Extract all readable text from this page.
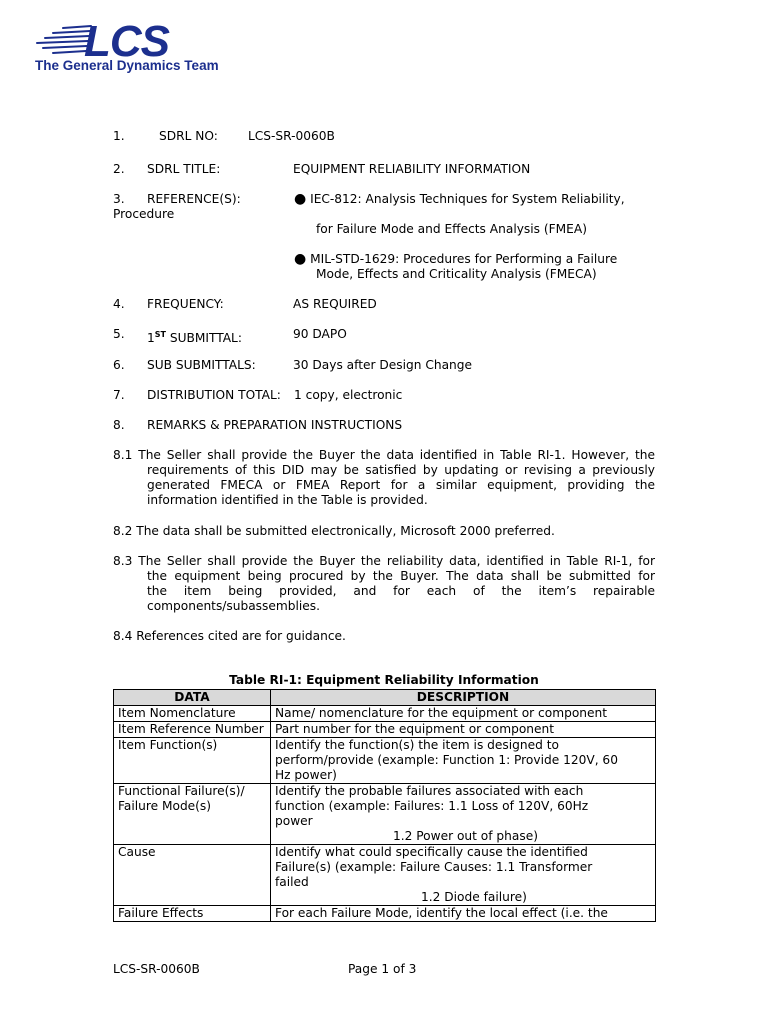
LCS
The General Dynamics Team
1.	SDRL NO: LCS-SR-0060B
2. SDRL TITLE:	EQUIPMENT RELIABILITY INFORMATION
3. REFERENCE(S):
Procedure
● IEC-812: Analysis Techniques for System Reliability,
for Failure Mode and Effects Analysis (FMEA)
● MIL-STD-1629: Procedures for Performing a Failure
Mode, Effects and Criticality Analysis (FMECA)
4. FREQUENCY:	AS REQUIRED
5. 1ST SUBMITTAL:	90 DAPO
6. SUB SUBMITTALS:	30 Days after Design Change
7. DISTRIBUTION TOTAL: 1 copy, electronic
8. REMARKS & PREPARATION INSTRUCTIONS
8.1 The Seller shall provide the Buyer the data identified in Table RI-1. However, the
requirements of this DID may be satisfied by updating or revising a previously
generated FMECA or FMEA Report for a similar equipment, providing the
information identified in the Table is provided.
8.2 The data shall be submitted electronically, Microsoft 2000 preferred.
8.3 The Seller shall provide the Buyer the reliability data, identified in Table RI-1, for
the equipment being procured by the Buyer. The data shall be submitted for
the item being provided, and for each of the item’s repairable
components/subassemblies.
8.4 References cited are for guidance.
Table RI-1: Equipment Reliability Information
DATA	DESCRIPTION
Item Nomenclature	Name/ nomenclature for the equipment or component
Item Reference Number	Part number for the equipment or component
Item Function(s)	Identify the function(s) the item is designed to
perform/provide (example: Function 1: Provide 120V, 60
Hz power)

Functional Failure(s)/
Failure Mode(s)	Identify the probable failures associated with each
function (example: Failures: 1.1 Loss of 120V, 60Hz
power
1.2 Power out of phase)

Cause	Identify what could specifically cause the identified
Failure(s) (example: Failure Causes: 1.1 Transformer
failed
1.2 Diode failure)

Failure Effects	For each Failure Mode, identify the local effect (i.e. the
LCS-SR-0060B	Page 1 of 3
